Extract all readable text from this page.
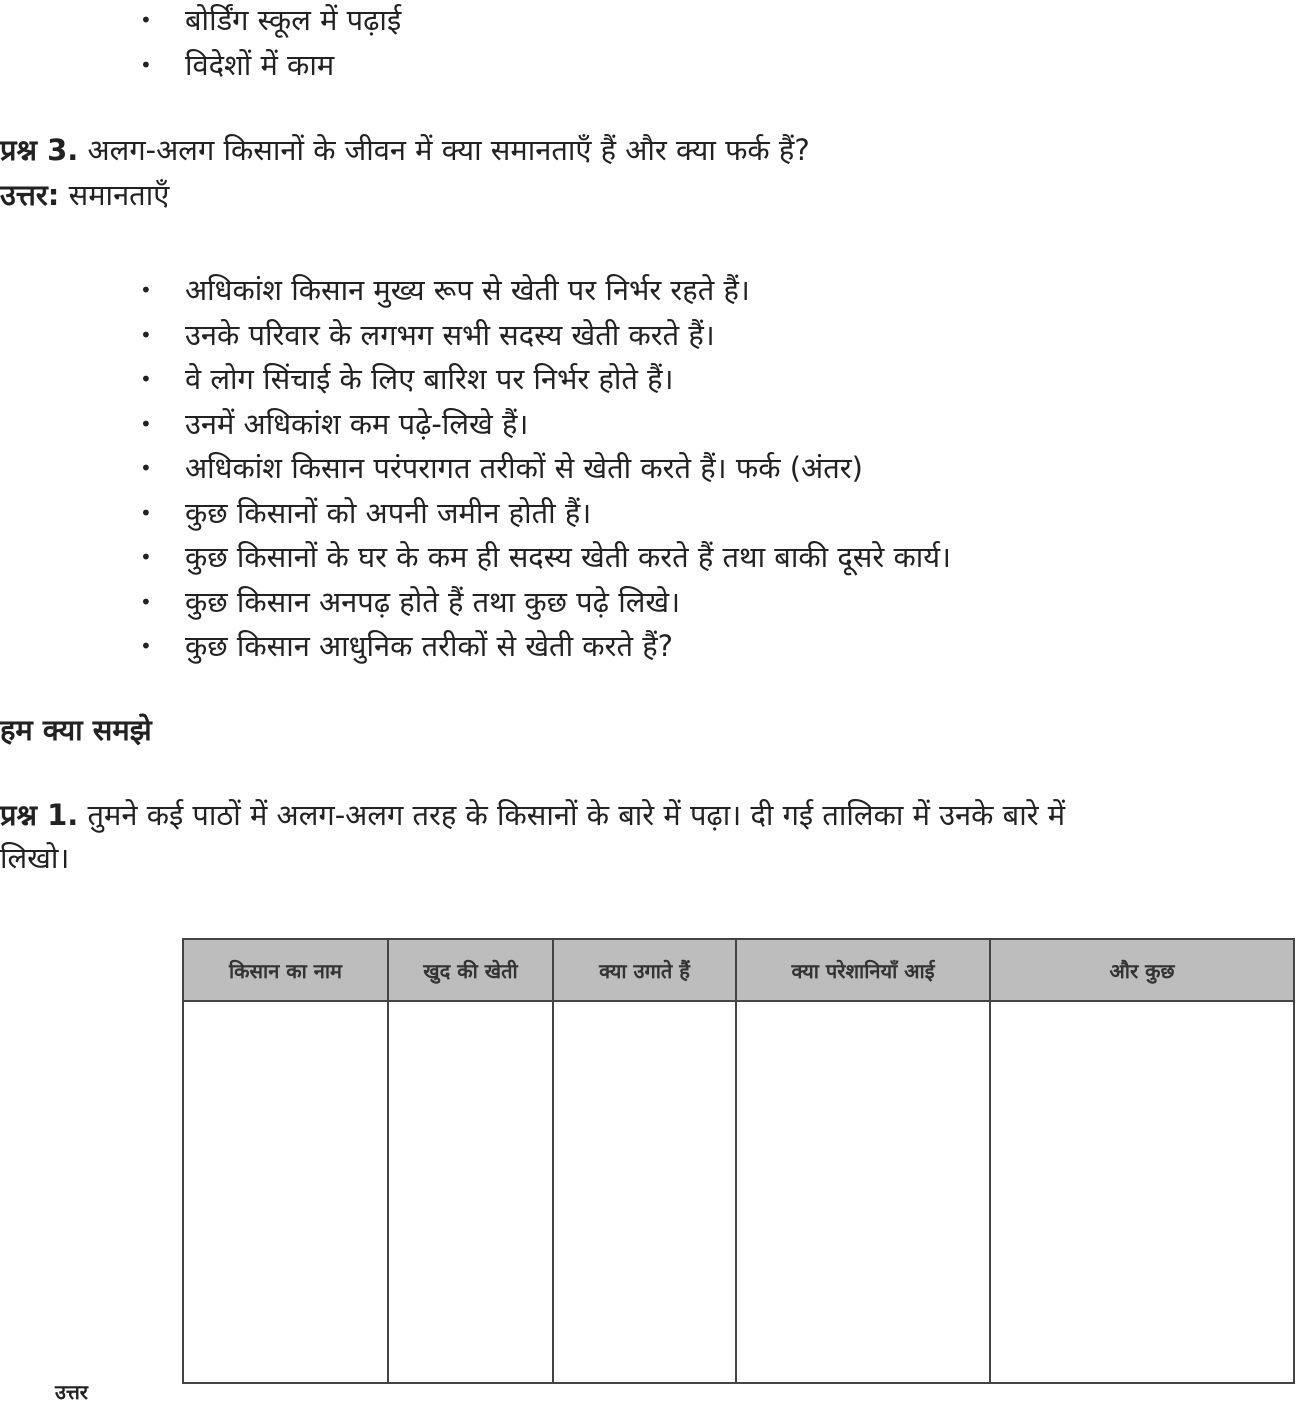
प्रश्न 3. अलग-अलग किसानों के जीवन में क्या समानताएँ हैं और क्या फर्क हैं?
उत्तर: समानताएँ
हम क्या समझे
प्रश्न 1. तुमने कई पाठों में अलग-अलग तरह के किसानों के बारे में पढ़ा। दी गई तालिका में उनके बारे में
लिखो।
किसान का नाम	खुद की खेती	क्या उगाते हैं	क्या परेशानियाँ आई	और कुछ

उत्तर
• बोर्डिंग स्कूल में पढ़ाई
• विदेशों में काम
• अधिकांश किसान मुख्य रूप से खेती पर निर्भर रहते हैं।
• उनके परिवार के लगभग सभी सदस्य खेती करते हैं।
• वे लोग सिंचाई के लिए बारिश पर निर्भर होते हैं।
• उनमें अधिकांश कम पढ़े-लिखे हैं।
• अधिकांश किसान परंपरागत तरीकों से खेती करते हैं। फर्क (अंतर)
• कुछ किसानों को अपनी जमीन होती हैं।
• कुछ किसानों के घर के कम ही सदस्य खेती करते हैं तथा बाकी दूसरे कार्य।
• कुछ किसान अनपढ़ होते हैं तथा कुछ पढ़े लिखे।
• कुछ किसान आधुनिक तरीकों से खेती करते हैं?
